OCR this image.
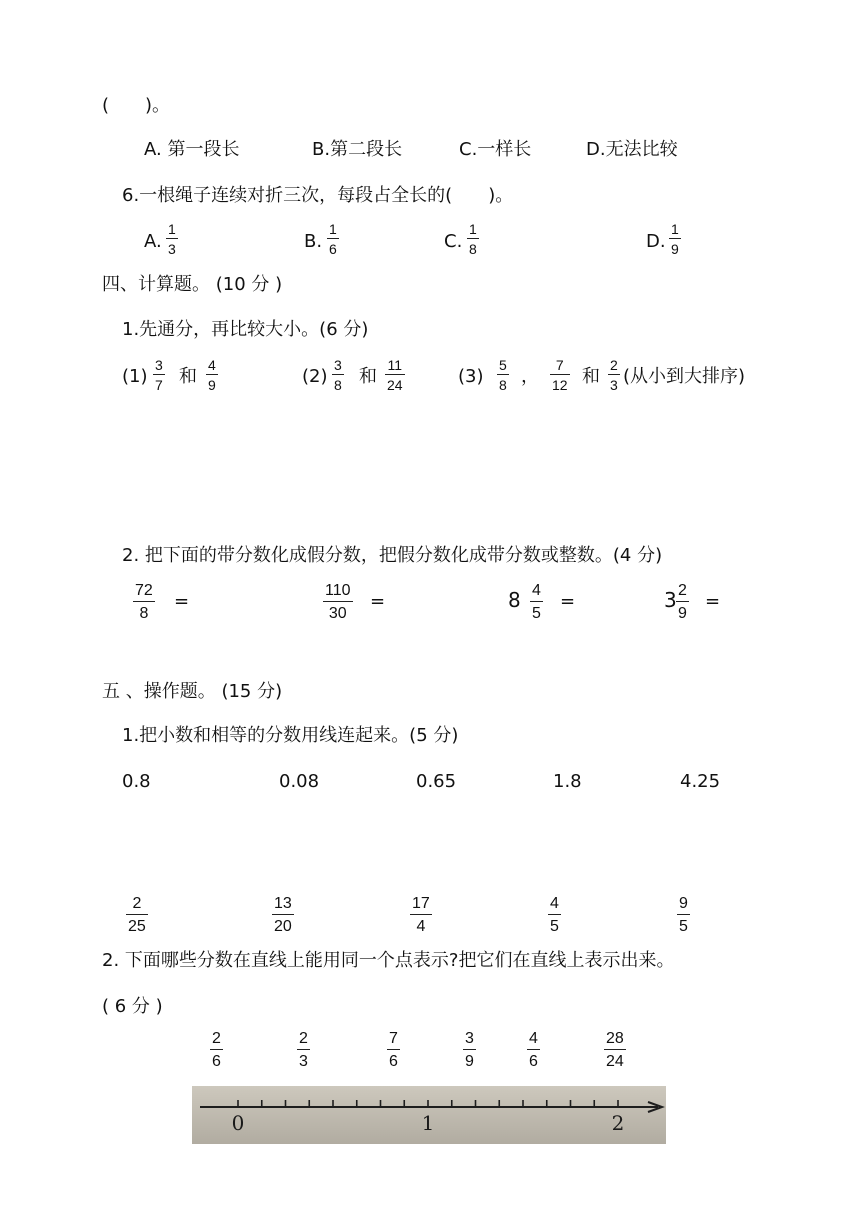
(　　)。
A. 第一段长	B.第二段长	C.一样长	D.无法比较
6.一根绳子连续对折三次，每段占全长的(　　)。
A.
1
3	B.
1
6	C.
1
8	D.
1
9
四、计算题。 (10 分 )
1.先通分，再比较大小。(6 分)
(1)
3
7 和
4
9	(2)
3
8 和
11
24	(3)
5
8 ，
7
12 和
2
3 (从小到大排序)
2. 把下面的带分数化成假分数，把假分数化成带分数或整数。(4 分)
72
8
=
110
30
=	8 4
5
=	3 2
9
=
五 、操作题。 (15 分)
1.把小数和相等的分数用线连起来。(5 分)
0.8	0.08	0.65	1.8	4.25
2
25
13
20
17
4
4
5
9
5
2. 下面哪些分数在直线上能用同一个点表示?把它们在直线上表示出来。
( 6 分 )
2
6
2
3
7
6
3
9
4
6
28
24
0	1	2
